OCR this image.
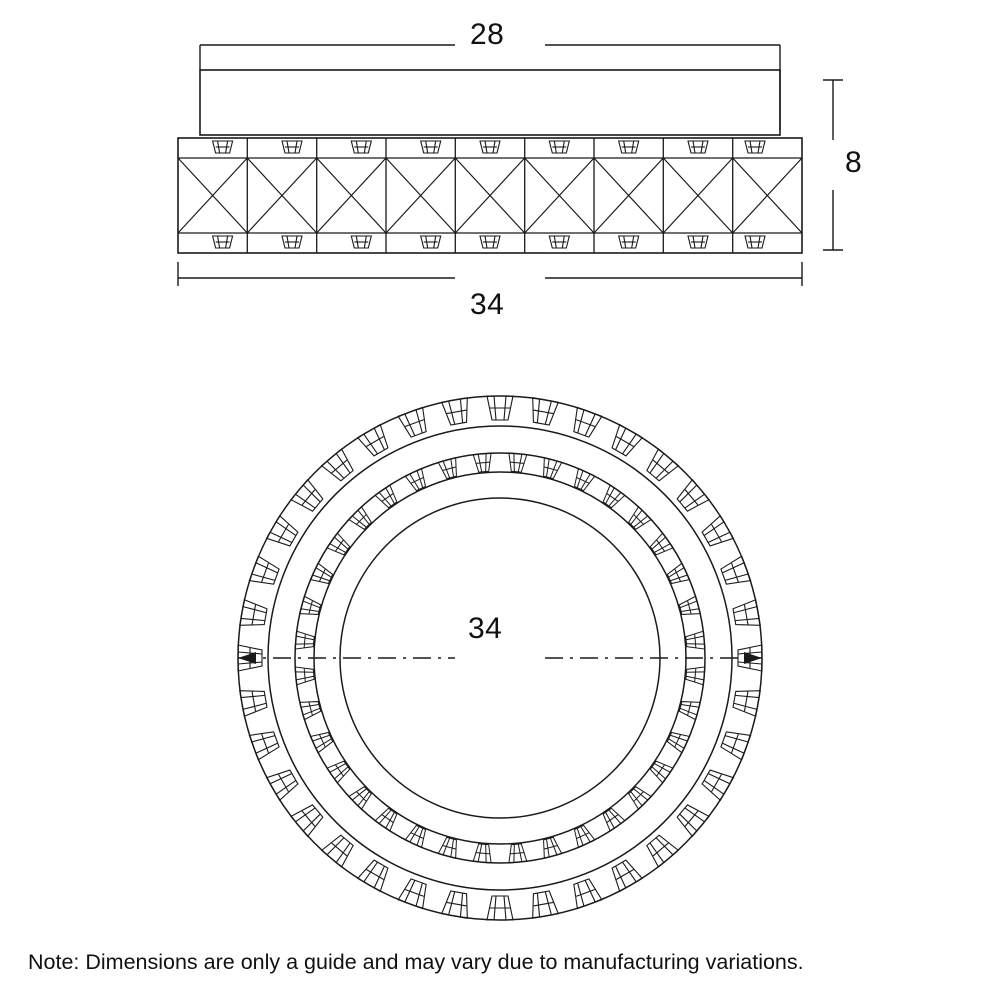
28
8
34
34
Note: Dimensions are only a guide and may vary due to manufacturing variations.
